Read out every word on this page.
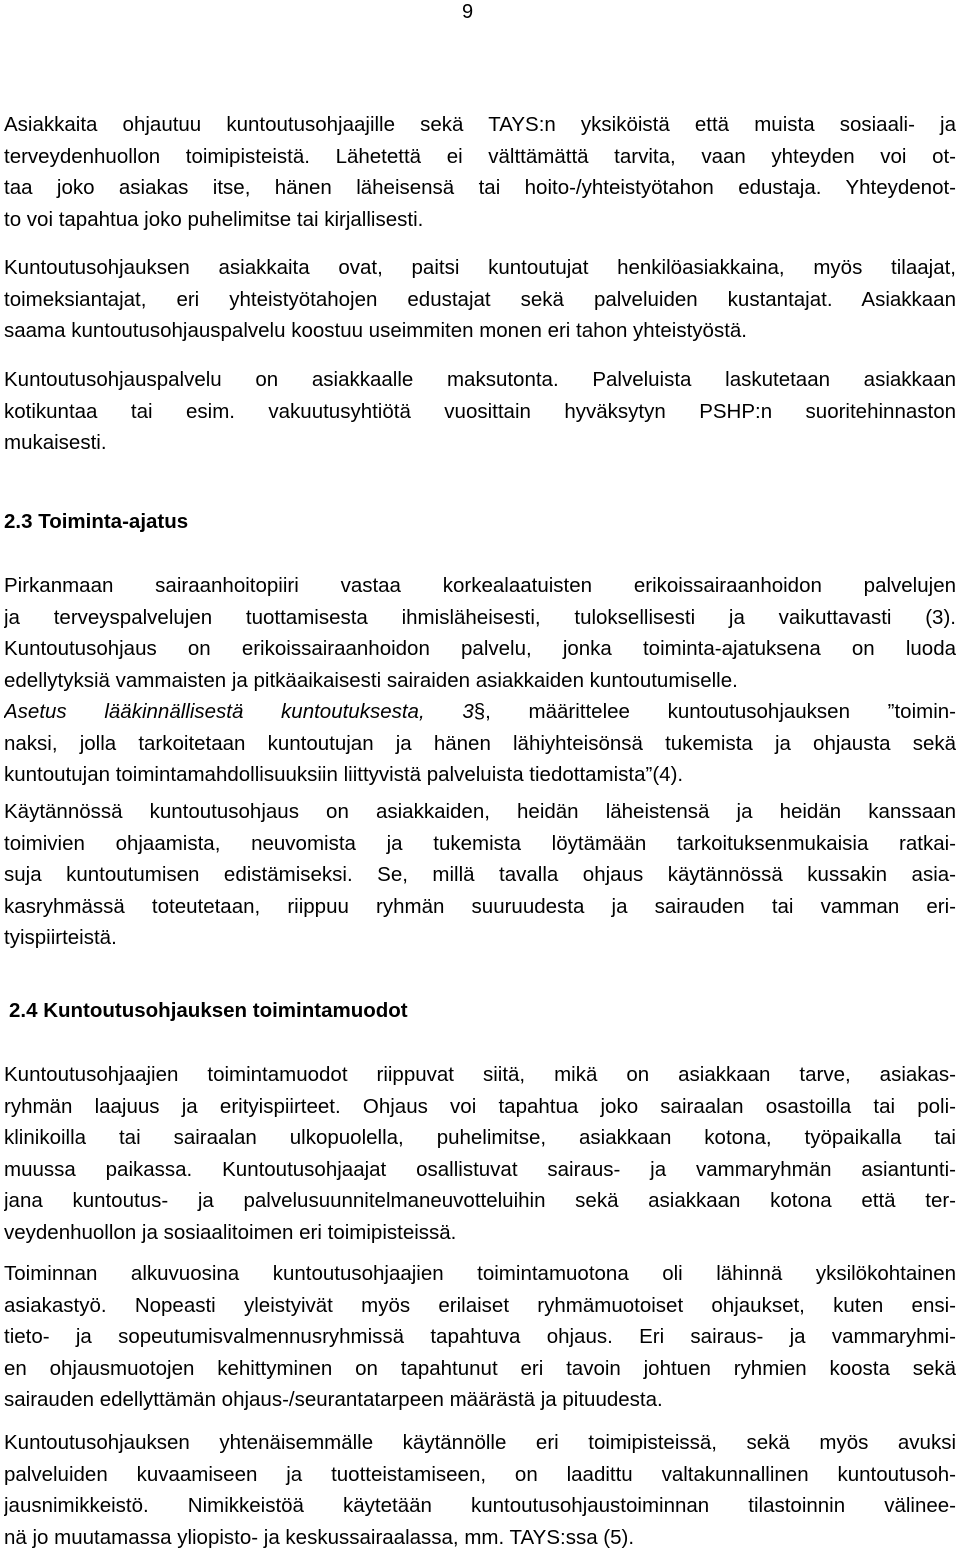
9

Asiakkaita ohjautuu kuntoutusohjaajille sekä TAYS:n yksiköistä että muista sosiaali- ja
terveydenhuollon toimipisteistä. Lähetettä ei välttämättä tarvita, vaan yhteyden voi ot-
taa joko asiakas itse, hänen läheisensä tai hoito-/yhteistyötahon edustaja. Yhteydenot-
to voi tapahtua joko puhelimitse tai kirjallisesti.

Kuntoutusohjauksen asiakkaita ovat, paitsi kuntoutujat henkilöasiakkaina, myös tilaajat,
toimeksiantajat, eri yhteistyötahojen edustajat sekä palveluiden kustantajat. Asiakkaan
saama kuntoutusohjauspalvelu koostuu useimmiten monen eri tahon yhteistyöstä.

Kuntoutusohjauspalvelu on asiakkaalle maksutonta. Palveluista laskutetaan asiakkaan
kotikuntaa tai esim. vakuutusyhtiötä vuosittain hyväksytyn PSHP:n suoritehinnaston
mukaisesti.

2.3 Toiminta-ajatus

Pirkanmaan sairaanhoitopiiri vastaa korkealaatuisten erikoissairaanhoidon palvelujen
ja terveyspalvelujen tuottamisesta ihmisläheisesti, tuloksellisesti ja vaikuttavasti (3).
Kuntoutusohjaus on erikoissairaanhoidon palvelu, jonka toiminta-ajatuksena on luoda
edellytyksiä vammaisten ja pitkäaikaisesti sairaiden asiakkaiden kuntoutumiselle.
Asetus lääkinnällisestä kuntoutuksesta, 3§, määrittelee kuntoutusohjauksen ”toimin-
naksi, jolla tarkoitetaan kuntoutujan ja hänen lähiyhteisönsä tukemista ja ohjausta sekä
kuntoutujan toimintamahdollisuuksiin liittyvistä palveluista tiedottamista”(4).

Käytännössä kuntoutusohjaus on asiakkaiden, heidän läheistensä ja heidän kanssaan
toimivien ohjaamista, neuvomista ja tukemista löytämään tarkoituksenmukaisia ratkai-
suja kuntoutumisen edistämiseksi. Se, millä tavalla ohjaus käytännössä kussakin asia-
kasryhmässä toteutetaan, riippuu ryhmän suuruudesta ja sairauden tai vamman eri-
tyispiirteistä.

2.4 Kuntoutusohjauksen toimintamuodot

Kuntoutusohjaajien toimintamuodot riippuvat siitä, mikä on asiakkaan tarve, asiakas-
ryhmän laajuus ja erityispiirteet. Ohjaus voi tapahtua joko sairaalan osastoilla tai poli-
klinikoilla tai sairaalan ulkopuolella, puhelimitse, asiakkaan kotona, työpaikalla tai
muussa paikassa. Kuntoutusohjaajat osallistuvat sairaus- ja vammaryhmän asiantunti-
jana kuntoutus- ja palvelusuunnitelmaneuvotteluihin sekä asiakkaan kotona että ter-
veydenhuollon ja sosiaalitoimen eri toimipisteissä.

Toiminnan alkuvuosina kuntoutusohjaajien toimintamuotona oli lähinnä yksilökohtainen
asiakastyö. Nopeasti yleistyivät myös erilaiset ryhmämuotoiset ohjaukset, kuten ensi-
tieto- ja sopeutumisvalmennusryhmissä tapahtuva ohjaus. Eri sairaus- ja vammaryhmi-
en ohjausmuotojen kehittyminen on tapahtunut eri tavoin johtuen ryhmien koosta sekä
sairauden edellyttämän ohjaus-/seurantatarpeen määrästä ja pituudesta.

Kuntoutusohjauksen yhtenäisemmälle käytännölle eri toimipisteissä, sekä myös avuksi
palveluiden kuvaamiseen ja tuotteistamiseen, on laadittu valtakunnallinen kuntoutusoh-
jausnimikkeistö. Nimikkeistöä käytetään kuntoutusohjaustoiminnan tilastoinnin välinee-
nä jo muutamassa yliopisto- ja keskussairaalassa, mm. TAYS:ssa (5).
